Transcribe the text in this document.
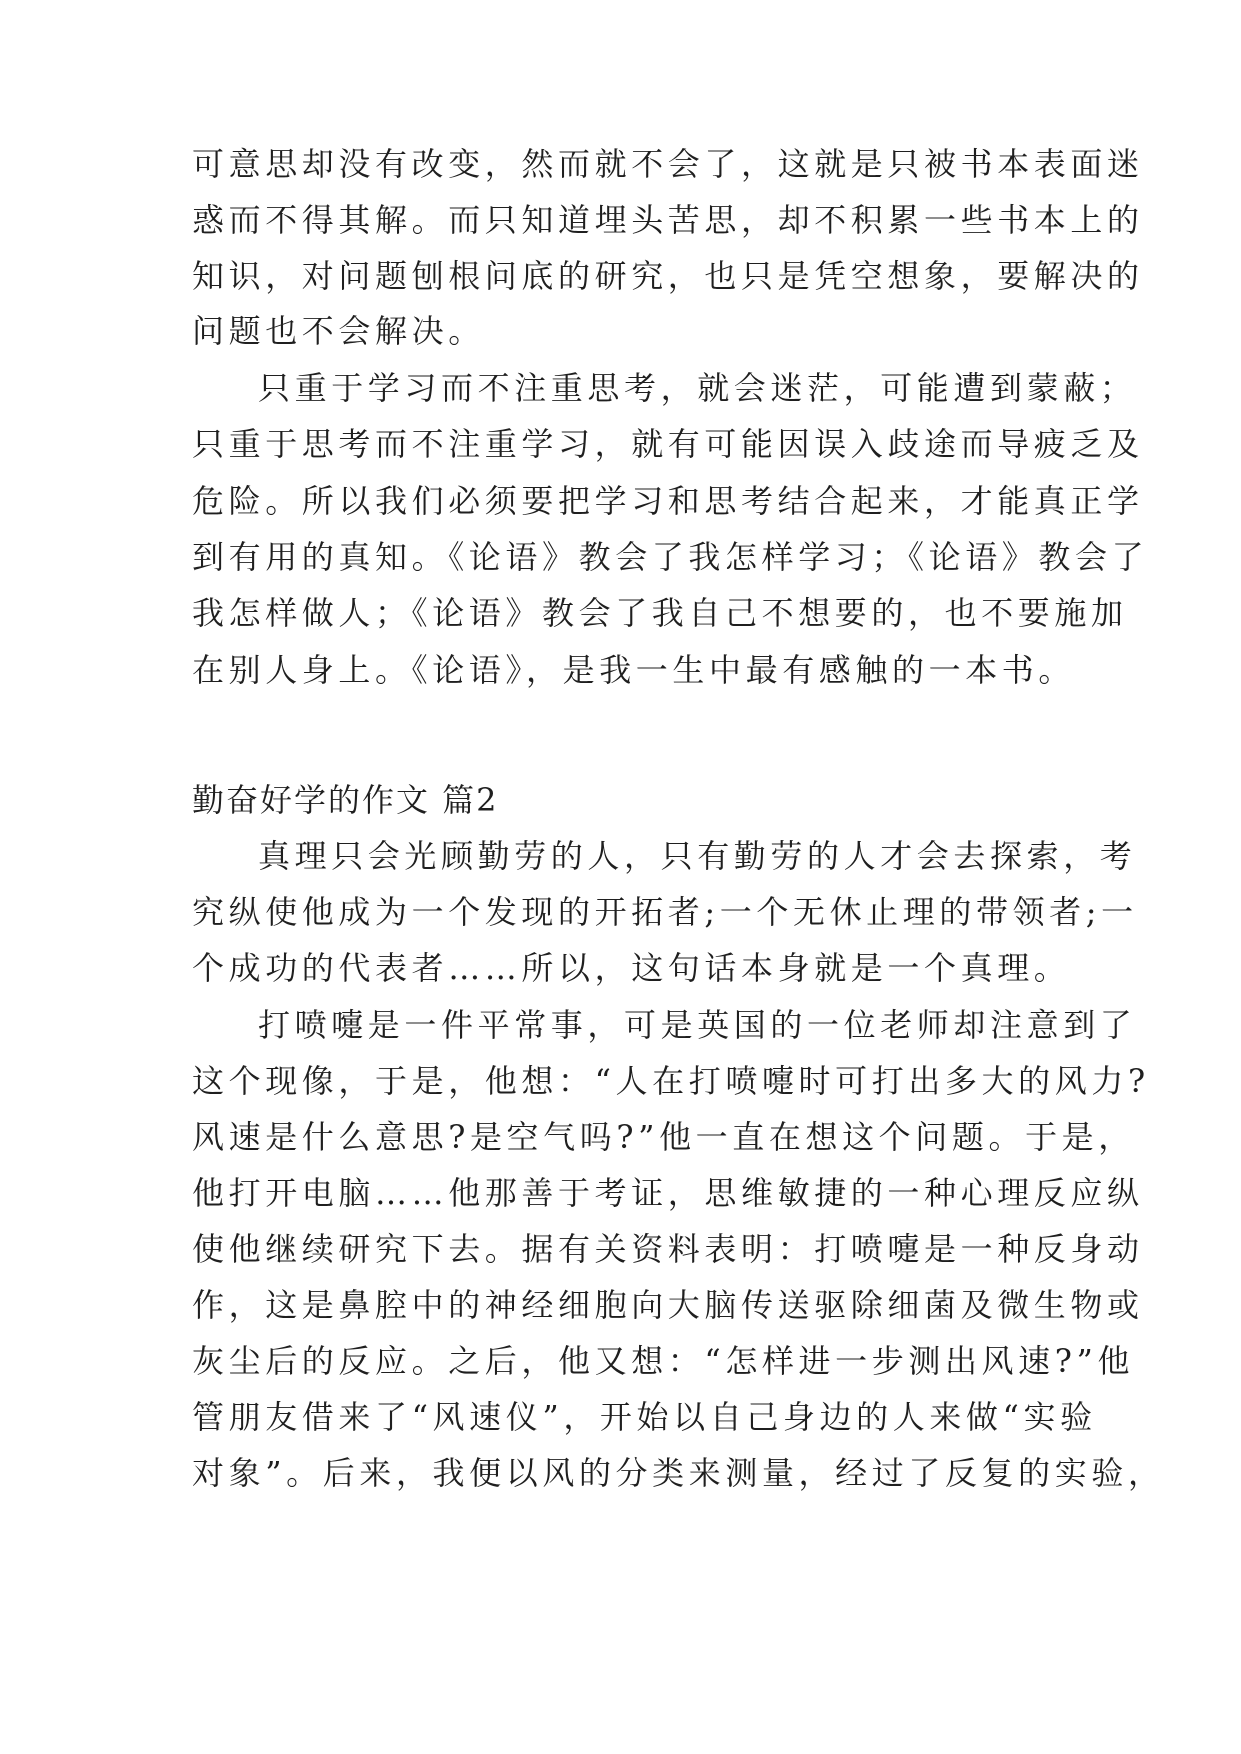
可意思却没有改变，然而就不会了，这就是只被书本表面迷
惑而不得其解。而只知道埋头苦思，却不积累一些书本上的
知识，对问题刨根问底的研究，也只是凭空想象，要解决的
问题也不会解决。
只重于学习而不注重思考，就会迷茫，可能遭到蒙蔽；
只重于思考而不注重学习，就有可能因误入歧途而导疲乏及
危险。所以我们必须要把学习和思考结合起来，才能真正学
到有用的真知。《论语》教会了我怎样学习；《论语》教会了
我怎样做人；《论语》教会了我自己不想要的，也不要施加
在别人身上。《论语》，是我一生中最有感触的一本书。
勤奋好学的作文 篇2
真理只会光顾勤劳的人，只有勤劳的人才会去探索，考
究纵使他成为一个发现的开拓者;一个无休止理的带领者;一
个成功的代表者……所以，这句话本身就是一个真理。
打喷嚏是一件平常事，可是英国的一位老师却注意到了
这个现像，于是，他想：“人在打喷嚏时可打出多大的风力?
风速是什么意思?是空气吗?”他一直在想这个问题。于是，
他打开电脑……他那善于考证，思维敏捷的一种心理反应纵
使他继续研究下去。据有关资料表明：打喷嚏是一种反身动
作，这是鼻腔中的神经细胞向大脑传送驱除细菌及微生物或
灰尘后的反应。之后，他又想：“怎样进一步测出风速?”他
管朋友借来了“风速仪”，开始以自己身边的人来做“实验
对象”。后来，我便以风的分类来测量，经过了反复的实验，
